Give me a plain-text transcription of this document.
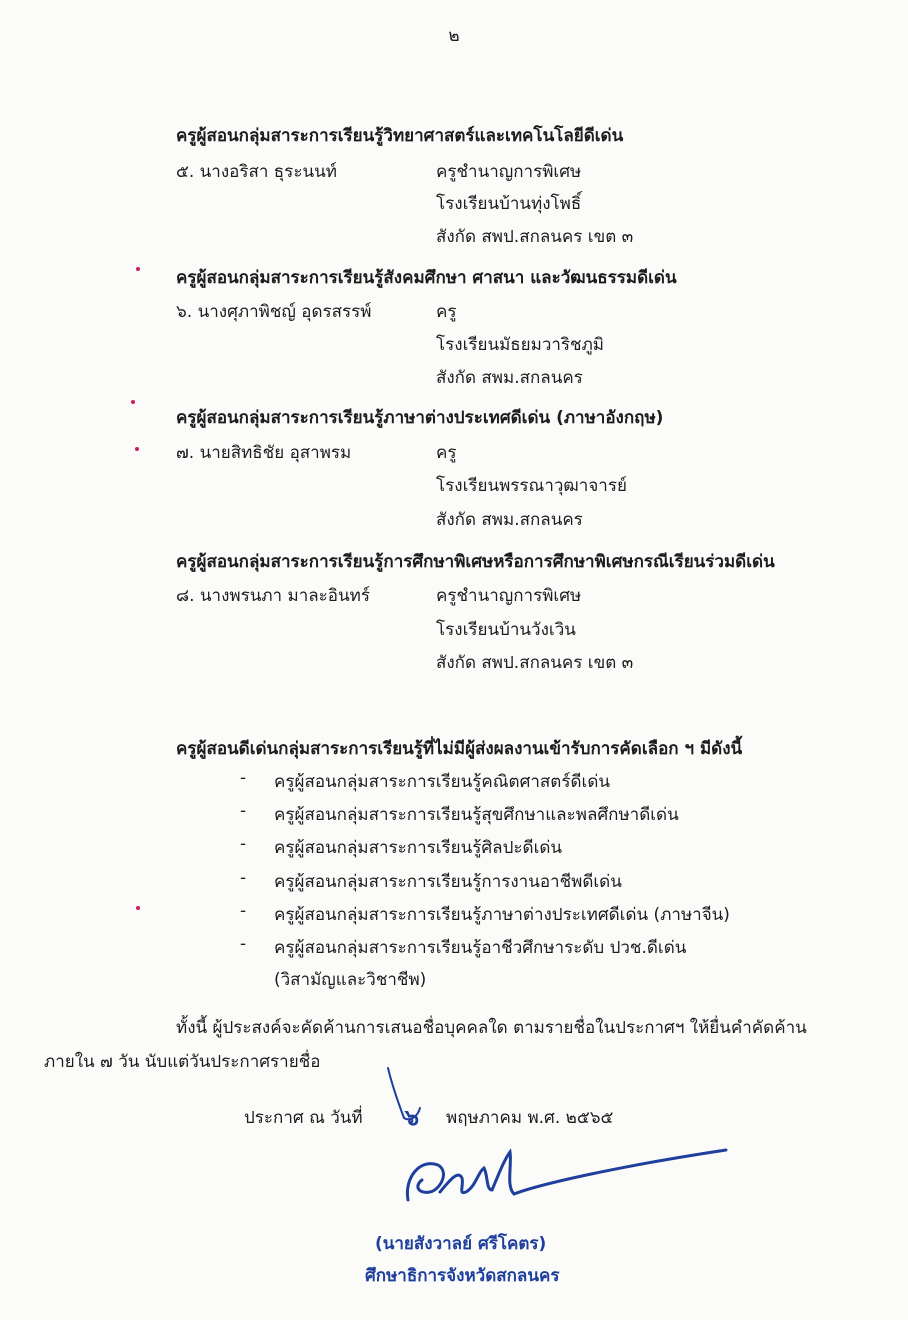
๒
ครูผู้สอนกลุ่มสาระการเรียนรู้วิทยาศาสตร์และเทคโนโลยีดีเด่น
๕. นางอริสา ธุระนนท์	ครูชำนาญการพิเศษ
โรงเรียนบ้านทุ่งโพธิ์
สังกัด สพป.สกลนคร เขต ๓
ครูผู้สอนกลุ่มสาระการเรียนรู้สังคมศึกษา ศาสนา และวัฒนธรรมดีเด่น
๖. นางศุภาพิชญ์ อุดรสรรพ์	ครู
โรงเรียนมัธยมวาริชภูมิ
สังกัด สพม.สกลนคร
ครูผู้สอนกลุ่มสาระการเรียนรู้ภาษาต่างประเทศดีเด่น (ภาษาอังกฤษ)
๗. นายสิทธิชัย อุสาพรม	ครู
โรงเรียนพรรณาวุฒาจารย์
สังกัด สพม.สกลนคร
ครูผู้สอนกลุ่มสาระการเรียนรู้การศึกษาพิเศษหรือการศึกษาพิเศษกรณีเรียนร่วมดีเด่น
๘. นางพรนภา มาละอินทร์	ครูชำนาญการพิเศษ
โรงเรียนบ้านวังเวิน
สังกัด สพป.สกลนคร เขต ๓
ครูผู้สอนดีเด่นกลุ่มสาระการเรียนรู้ที่ไม่มีผู้ส่งผลงานเข้ารับการคัดเลือก ฯ มีดังนี้
- ครูผู้สอนกลุ่มสาระการเรียนรู้คณิตศาสตร์ดีเด่น
- ครูผู้สอนกลุ่มสาระการเรียนรู้สุขศึกษาและพลศึกษาดีเด่น
- ครูผู้สอนกลุ่มสาระการเรียนรู้ศิลปะดีเด่น
- ครูผู้สอนกลุ่มสาระการเรียนรู้การงานอาชีพดีเด่น
- ครูผู้สอนกลุ่มสาระการเรียนรู้ภาษาต่างประเทศดีเด่น (ภาษาจีน)
- ครูผู้สอนกลุ่มสาระการเรียนรู้อาชีวศึกษาระดับ ปวช.ดีเด่น
(วิสามัญและวิชาชีพ)
ทั้งนี้ ผู้ประสงค์จะคัดค้านการเสนอชื่อบุคคลใด ตามรายชื่อในประกาศฯ ให้ยื่นคำคัดค้าน
ภายใน ๗ วัน นับแต่วันประกาศรายชื่อ
ประกาศ ณ วันที่ ๖ พฤษภาคม พ.ศ. ๒๕๖๕
(นายสังวาลย์ ศรีโคตร)
ศึกษาธิการจังหวัดสกลนคร
